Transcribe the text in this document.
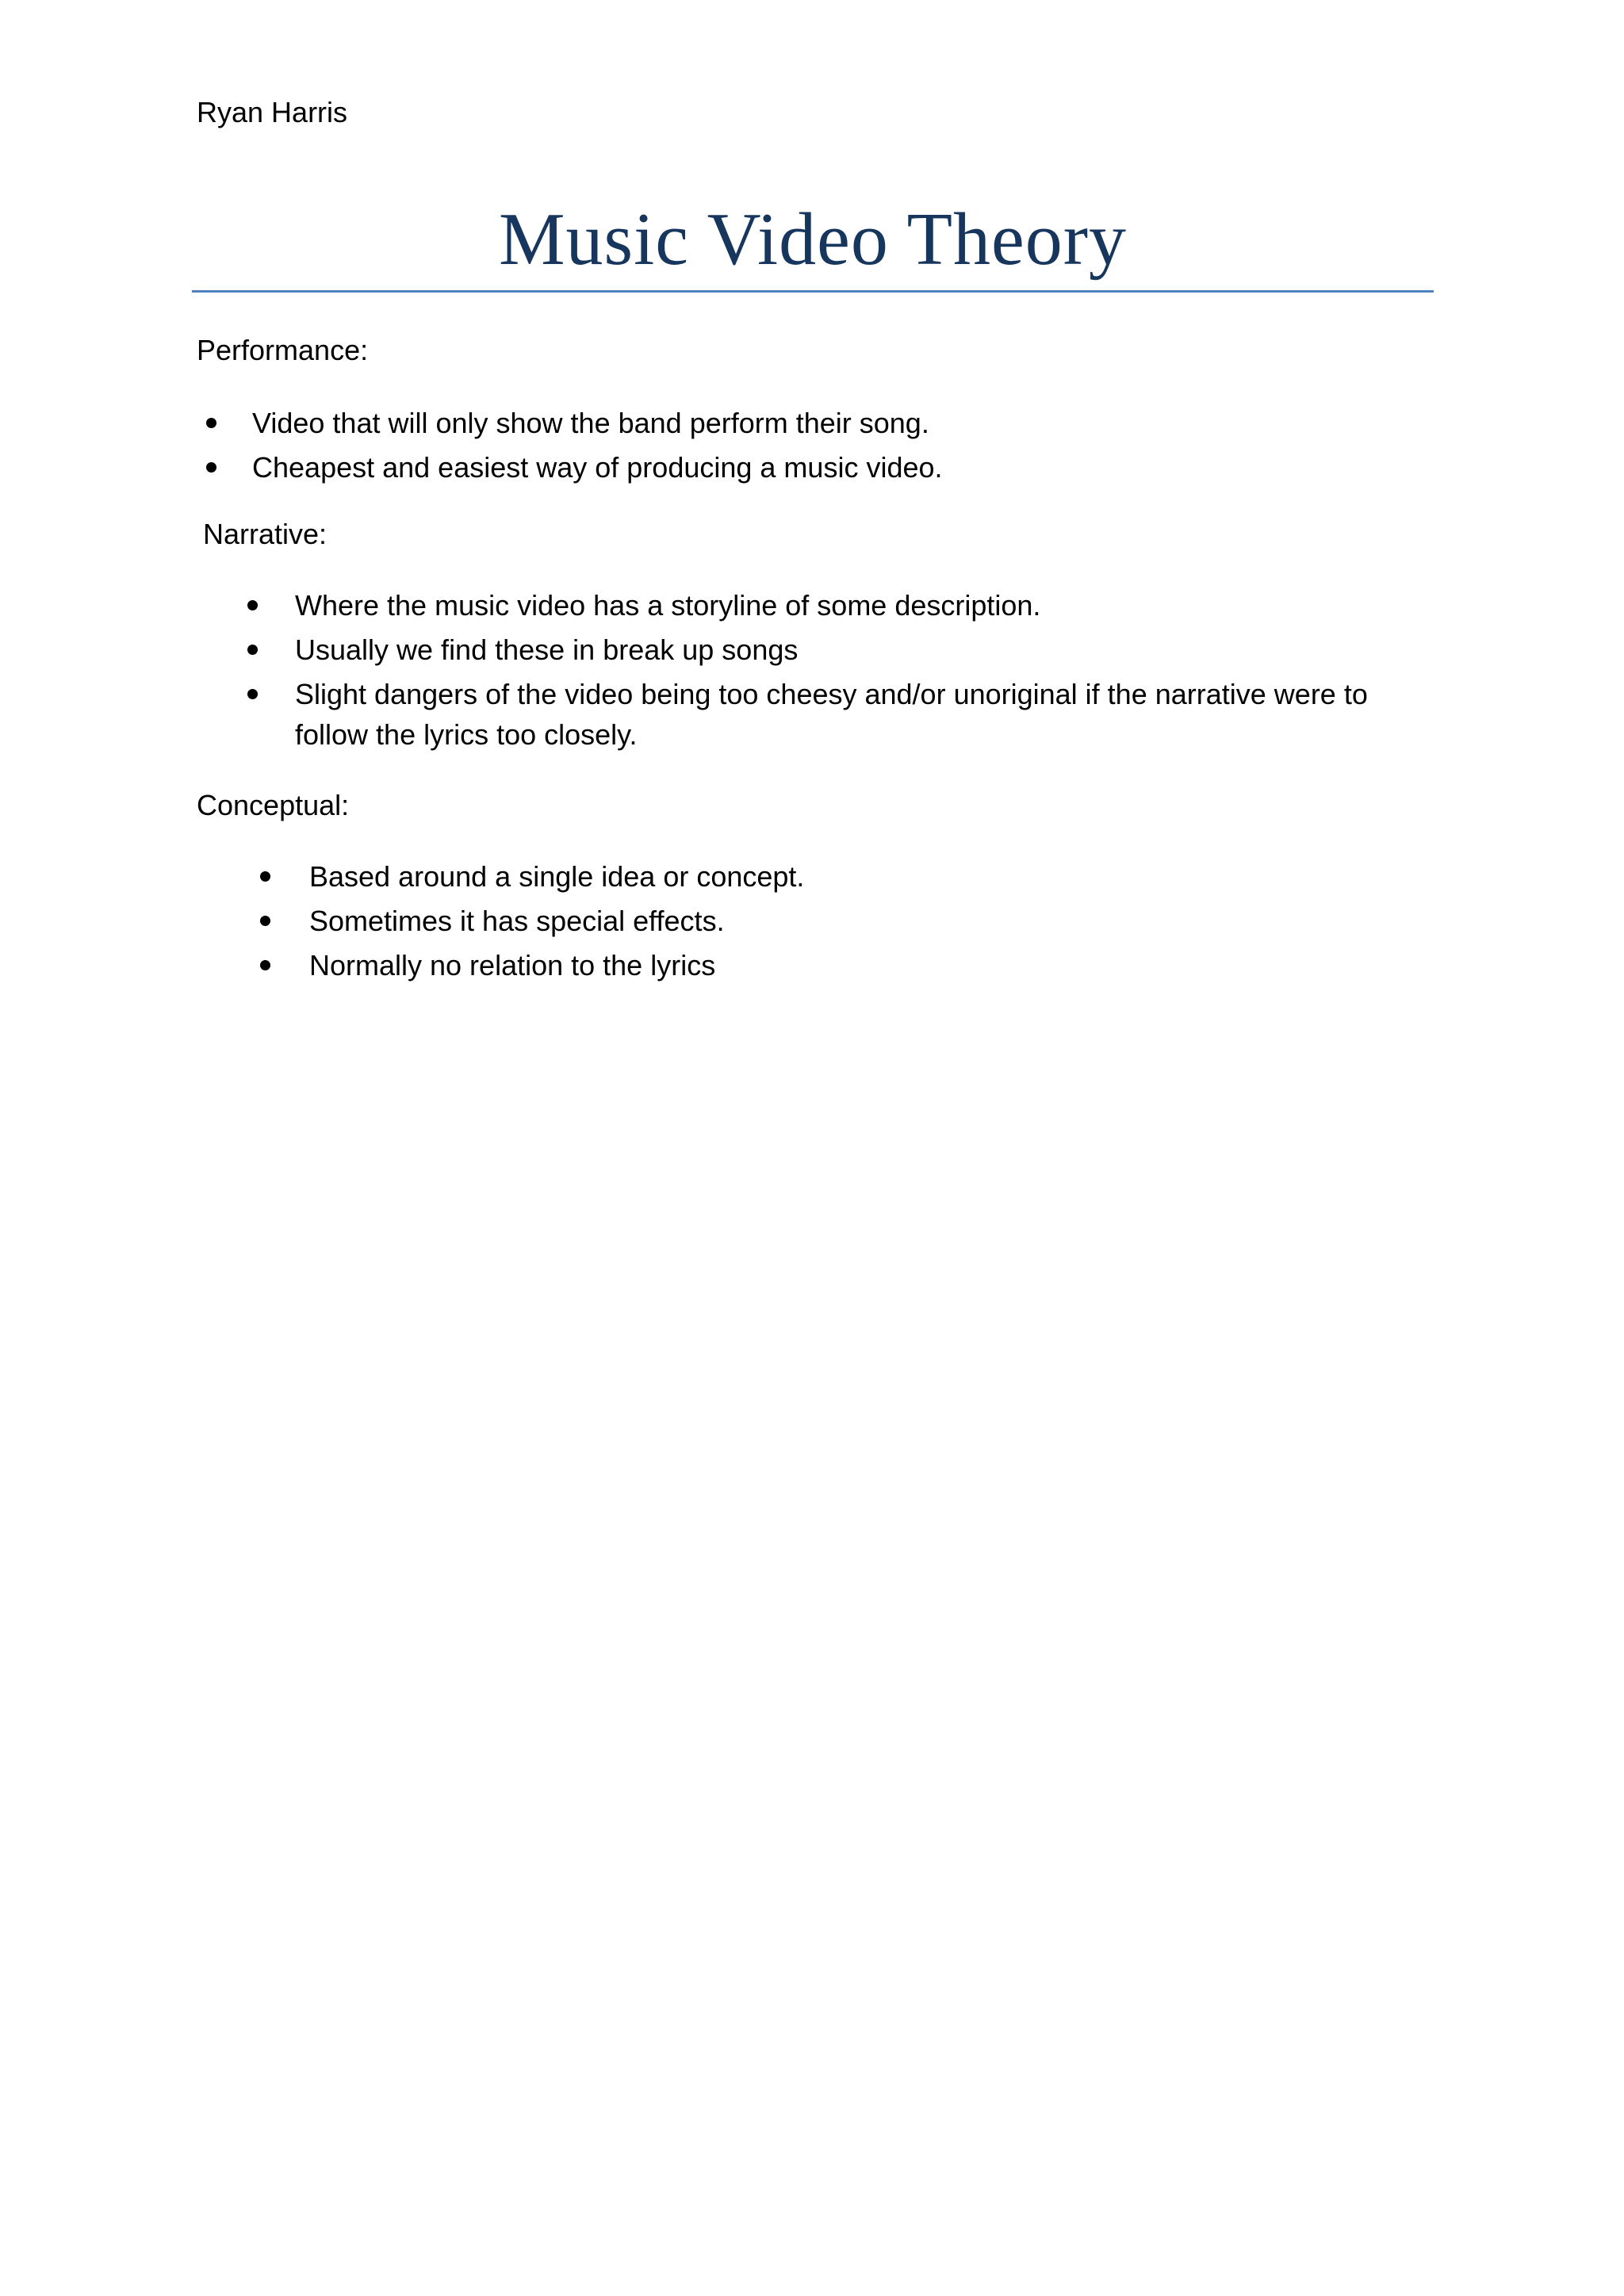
Ryan Harris
Music Video Theory
Performance:
Video that will only show the band perform their song.
Cheapest and easiest way of producing a music video.
Narrative:
Where the music video has a storyline of some description.
Usually we find these in break up songs
Slight dangers of the video being too cheesy and/or unoriginal if the narrative were to follow the lyrics too closely.
Conceptual:
Based around a single idea or concept.
Sometimes it has special effects.
Normally no relation to the lyrics
